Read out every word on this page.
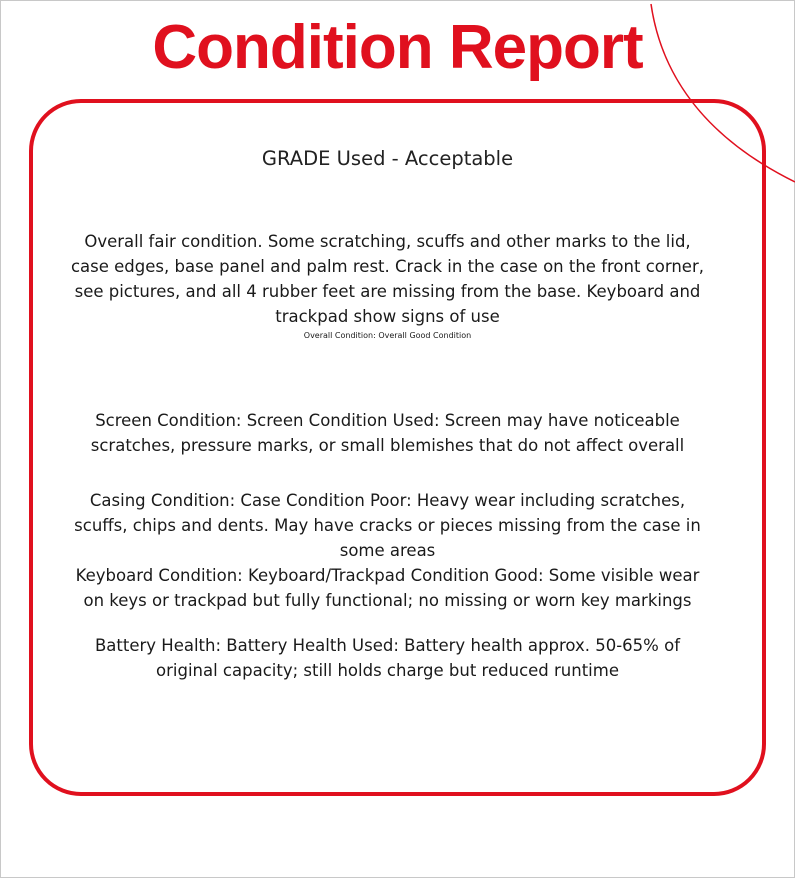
Condition Report

GRADE Used - Acceptable

Overall fair condition. Some scratching, scuffs and other marks to the lid, case edges, base panel and palm rest. Crack in the case on the front corner, see pictures, and all 4 rubber feet are missing from the base. Keyboard and trackpad show signs of use

Overall Condition: Overall Good Condition

Screen Condition: Screen Condition Used: Screen may have noticeable scratches, pressure marks, or small blemishes that do not affect overall

Casing Condition: Case Condition Poor: Heavy wear including scratches, scuffs, chips and dents. May have cracks or pieces missing from the case in some areas

Keyboard Condition: Keyboard/Trackpad Condition Good: Some visible wear on keys or trackpad but fully functional; no missing or worn key markings

Battery Health: Battery Health Used: Battery health approx. 50-65% of original capacity; still holds charge but reduced runtime
